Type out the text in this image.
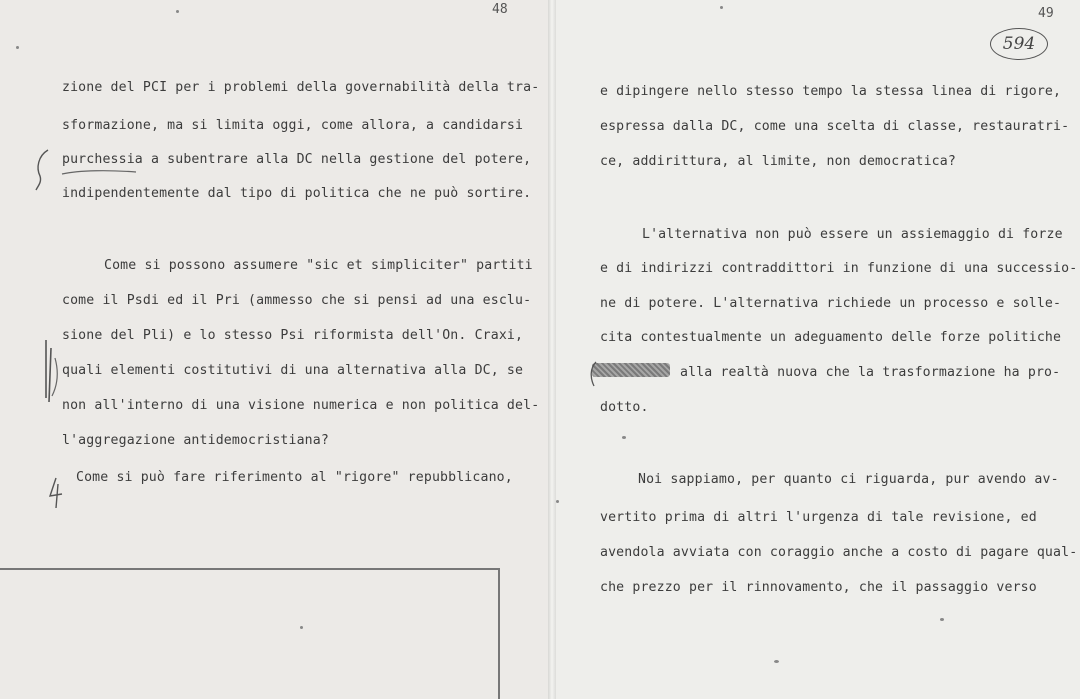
48	49
594
zione del PCI per i problemi della governabilità della tra-
sformazione, ma si limita oggi, come allora, a candidarsi
purchessia a subentrare alla DC nella gestione del potere,
indipendentemente dal tipo di politica che ne può sortire.
Come si possono assumere "sic et simpliciter" partiti
come il Psdi ed il Pri (ammesso che si pensi ad una esclu-
sione del Pli) e lo stesso Psi riformista dell'On. Craxi,
quali elementi costitutivi di una alternativa alla DC, se
non all'interno di una visione numerica e non politica del-
l'aggregazione antidemocristiana?
Come si può fare riferimento al "rigore" repubblicano,
e dipingere nello stesso tempo la stessa linea di rigore,
espressa dalla DC, come una scelta di classe, restauratri-
ce, addirittura, al limite, non democratica?
L'alternativa non può essere un assiemaggio di forze
e di indirizzi contraddittori in funzione di una successio-
ne di potere. L'alternativa richiede un processo e solle-
cita contestualmente un adeguamento delle forze politiche
alla realtà nuova che la trasformazione ha pro-
dotto.
Noi sappiamo, per quanto ci riguarda, pur avendo av-
vertito prima di altri l'urgenza di tale revisione, ed
avendola avviata con coraggio anche a costo di pagare qual-
che prezzo per il rinnovamento, che il passaggio verso
